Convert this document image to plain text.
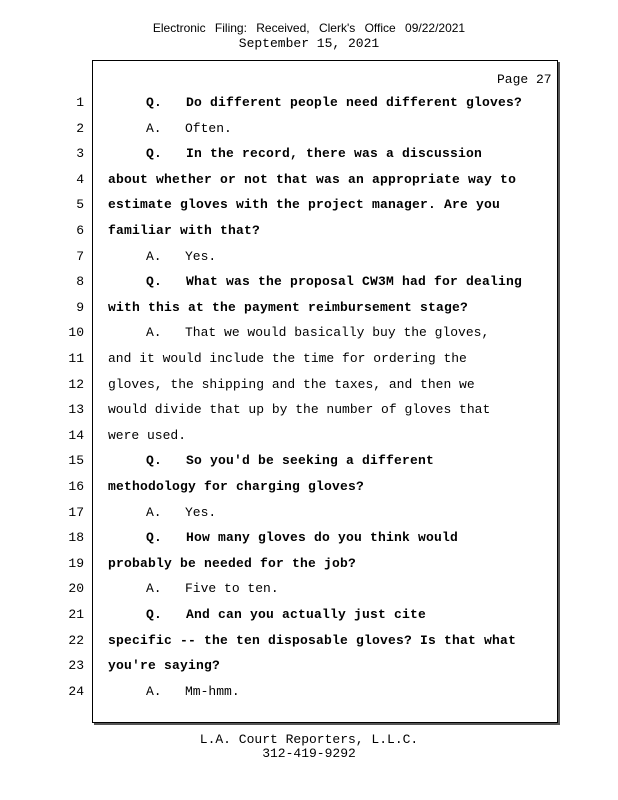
Electronic Filing: Received, Clerk's Office 09/22/2021
September 15, 2021
Page 27
1	Q.   Do different people need different gloves?
2	A.   Often.
3	Q.   In the record, there was a discussion
4 about whether or not that was an appropriate way to
5 estimate gloves with the project manager. Are you
6 familiar with that?
7	A.   Yes.
8	Q.   What was the proposal CW3M had for dealing
9 with this at the payment reimbursement stage?
10	A.   That we would basically buy the gloves,
11 and it would include the time for ordering the
12 gloves, the shipping and the taxes, and then we
13 would divide that up by the number of gloves that
14 were used.
15	Q.   So you'd be seeking a different
16 methodology for charging gloves?
17	A.   Yes.
18	Q.   How many gloves do you think would
19 probably be needed for the job?
20	A.   Five to ten.
21	Q.   And can you actually just cite
22 specific -- the ten disposable gloves? Is that what
23 you're saying?
24	A.   Mm-hmm.
L.A. Court Reporters, L.L.C.
312-419-9292
